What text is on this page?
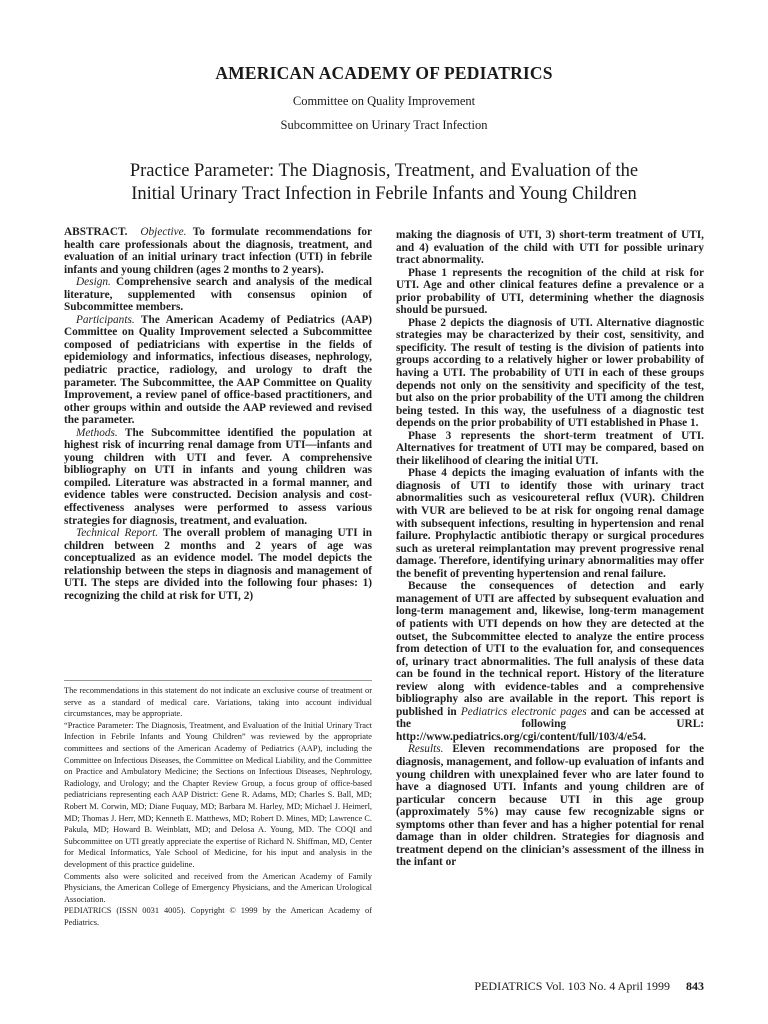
AMERICAN ACADEMY OF PEDIATRICS
Committee on Quality Improvement
Subcommittee on Urinary Tract Infection
Practice Parameter: The Diagnosis, Treatment, and Evaluation of the
Initial Urinary Tract Infection in Febrile Infants and Young Children

ABSTRACT. Objective. To formulate recommendations for health care professionals about the diagnosis, treatment, and evaluation of an initial urinary tract infection (UTI) in febrile infants and young children (ages 2 months to 2 years).

Design. Comprehensive search and analysis of the medical literature, supplemented with consensus opinion of Subcommittee members.

Participants. The American Academy of Pediatrics (AAP) Committee on Quality Improvement selected a Subcommittee composed of pediatricians with expertise in the fields of epidemiology and informatics, infectious diseases, nephrology, pediatric practice, radiology, and urology to draft the parameter. The Subcommittee, the AAP Committee on Quality Improvement, a review panel of office-based practitioners, and other groups within and outside the AAP reviewed and revised the parameter.

Methods. The Subcommittee identified the population at highest risk of incurring renal damage from UTI—infants and young children with UTI and fever. A comprehensive bibliography on UTI in infants and young children was compiled. Literature was abstracted in a formal manner, and evidence tables were constructed. Decision analysis and cost-effectiveness analyses were performed to assess various strategies for diagnosis, treatment, and evaluation.

Technical Report. The overall problem of managing UTI in children between 2 months and 2 years of age was conceptualized as an evidence model. The model depicts the relationship between the steps in diagnosis and management of UTI. The steps are divided into the following four phases: 1) recognizing the child at risk for UTI, 2)

The recommendations in this statement do not indicate an exclusive course of treatment or serve as a standard of medical care. Variations, taking into account individual circumstances, may be appropriate.

“Practice Parameter: The Diagnosis, Treatment, and Evaluation of the Initial Urinary Tract Infection in Febrile Infants and Young Children” was reviewed by the appropriate committees and sections of the American Academy of Pediatrics (AAP), including the Committee on Infectious Diseases, the Committee on Medical Liability, and the Committee on Practice and Ambulatory Medicine; the Sections on Infectious Diseases, Nephrology, Radiology, and Urology; and the Chapter Review Group, a focus group of office-based pediatricians representing each AAP District: Gene R. Adams, MD; Charles S. Ball, MD; Robert M. Corwin, MD; Diane Fuquay, MD; Barbara M. Harley, MD; Michael J. Heimerl, MD; Thomas J. Herr, MD; Kenneth E. Matthews, MD; Robert D. Mines, MD; Lawrence C. Pakula, MD; Howard B. Weinblatt, MD; and Delosa A. Young, MD. The COQI and Subcommittee on UTI greatly appreciate the expertise of Richard N. Shiffman, MD, Center for Medical Informatics, Yale School of Medicine, for his input and analysis in the development of this practice guideline.

Comments also were solicited and received from the American Academy of Family Physicians, the American College of Emergency Physicians, and the American Urological Association.

PEDIATRICS (ISSN 0031 4005). Copyright © 1999 by the American Academy of Pediatrics.

making the diagnosis of UTI, 3) short-term treatment of UTI, and 4) evaluation of the child with UTI for possible urinary tract abnormality.

Phase 1 represents the recognition of the child at risk for UTI. Age and other clinical features define a prevalence or a prior probability of UTI, determining whether the diagnosis should be pursued.

Phase 2 depicts the diagnosis of UTI. Alternative diagnostic strategies may be characterized by their cost, sensitivity, and specificity. The result of testing is the division of patients into groups according to a relatively higher or lower probability of having a UTI. The probability of UTI in each of these groups depends not only on the sensitivity and specificity of the test, but also on the prior probability of the UTI among the children being tested. In this way, the usefulness of a diagnostic test depends on the prior probability of UTI established in Phase 1.

Phase 3 represents the short-term treatment of UTI. Alternatives for treatment of UTI may be compared, based on their likelihood of clearing the initial UTI.

Phase 4 depicts the imaging evaluation of infants with the diagnosis of UTI to identify those with urinary tract abnormalities such as vesicoureteral reflux (VUR). Children with VUR are believed to be at risk for ongoing renal damage with subsequent infections, resulting in hypertension and renal failure. Prophylactic antibiotic therapy or surgical procedures such as ureteral reimplantation may prevent progressive renal damage. Therefore, identifying urinary abnormalities may offer the benefit of preventing hypertension and renal failure.

Because the consequences of detection and early management of UTI are affected by subsequent evaluation and long-term management and, likewise, long-term management of patients with UTI depends on how they are detected at the outset, the Subcommittee elected to analyze the entire process from detection of UTI to the evaluation for, and consequences of, urinary tract abnormalities. The full analysis of these data can be found in the technical report. History of the literature review along with evidence-tables and a comprehensive bibliography also are available in the report. This report is published in Pediatrics electronic pages and can be accessed at the following URL: http://www.pediatrics.org/cgi/content/full/103/4/e54.

Results. Eleven recommendations are proposed for the diagnosis, management, and follow-up evaluation of infants and young children with unexplained fever who are later found to have a diagnosed UTI. Infants and young children are of particular concern because UTI in this age group (approximately 5%) may cause few recognizable signs or symptoms other than fever and has a higher potential for renal damage than in older children. Strategies for diagnosis and treatment depend on the clinician’s assessment of the illness in the infant or

PEDIATRICS Vol. 103 No. 4 April 1999 843
